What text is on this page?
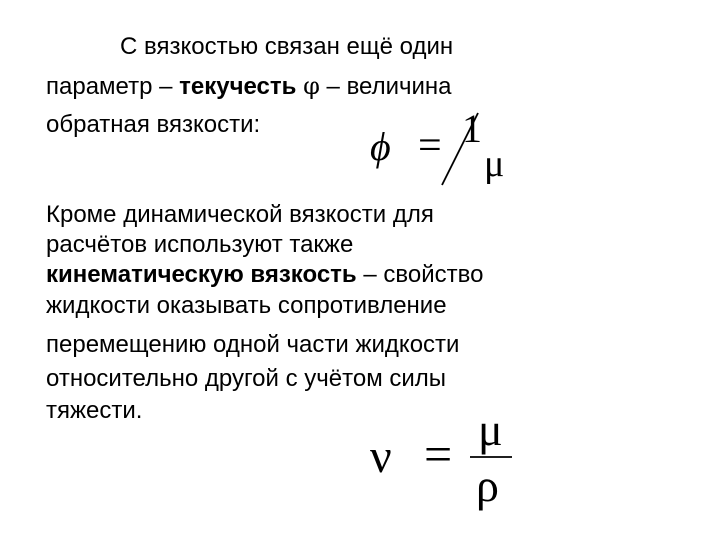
С вязкостью связан ещё один
параметр – текучесть φ – величина
обратная вязкости:	ϕ = 1
μ
Кроме динамической вязкости для
расчётов используют также
кинематическую вязкость – свойство
жидкости оказывать сопротивление
перемещению одной части жидкости
относительно другой с учётом силы
тяжести.
ν = μ
ρ
